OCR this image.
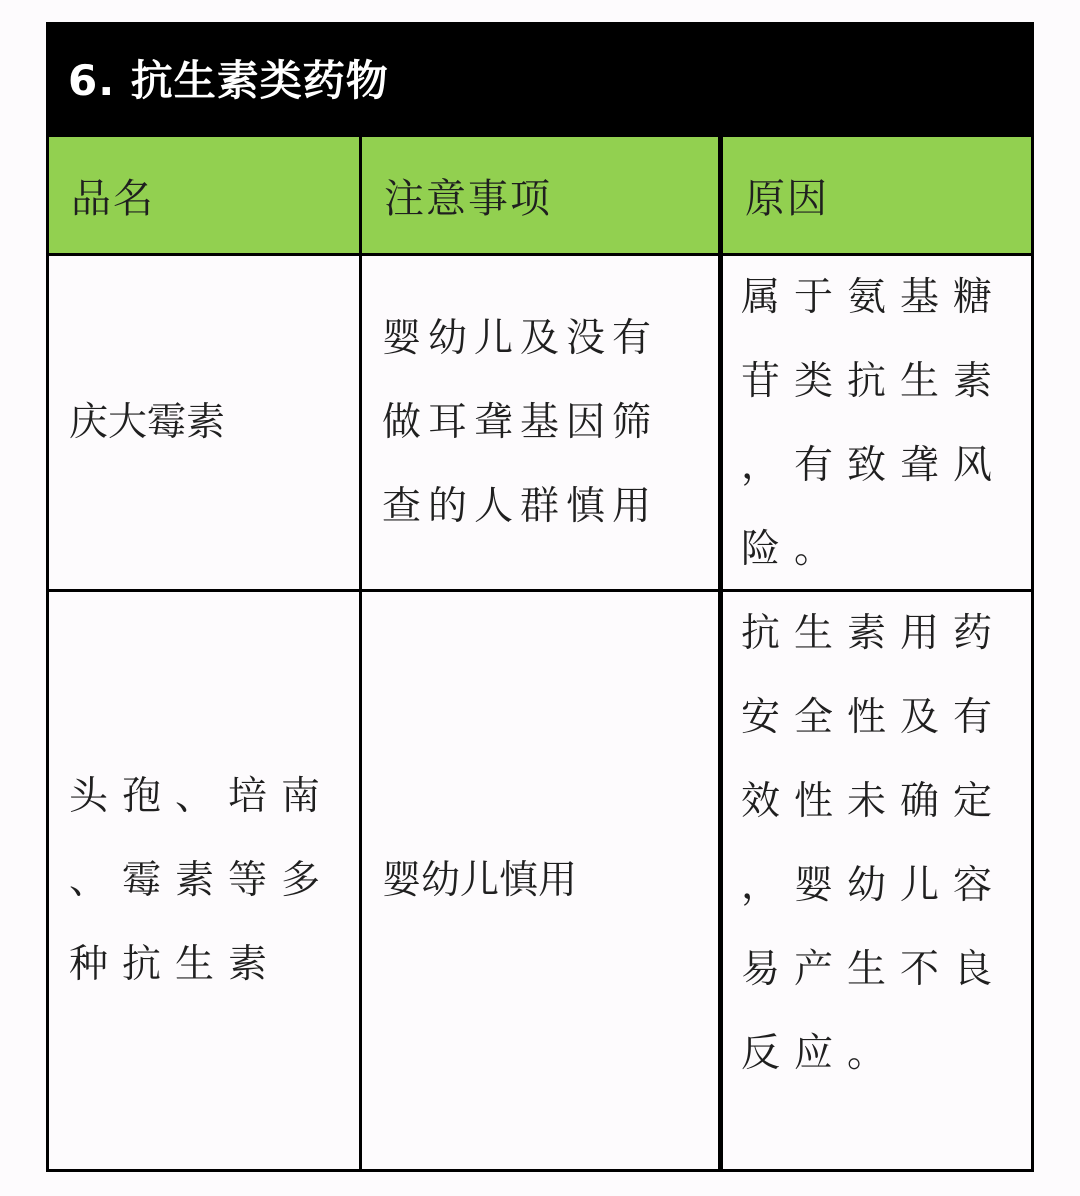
6. 抗生素类药物
品名	注意事项	原因
庆大霉素
婴幼儿及没有
做耳聋基因筛
查的人群慎用
属于氨基糖
苷类抗生素
，有致聋风
险。
头孢、培南
、霉素等多
种抗生素
婴幼儿慎用
抗生素用药
安全性及有
效性未确定
，婴幼儿容
易产生不良
反应。
